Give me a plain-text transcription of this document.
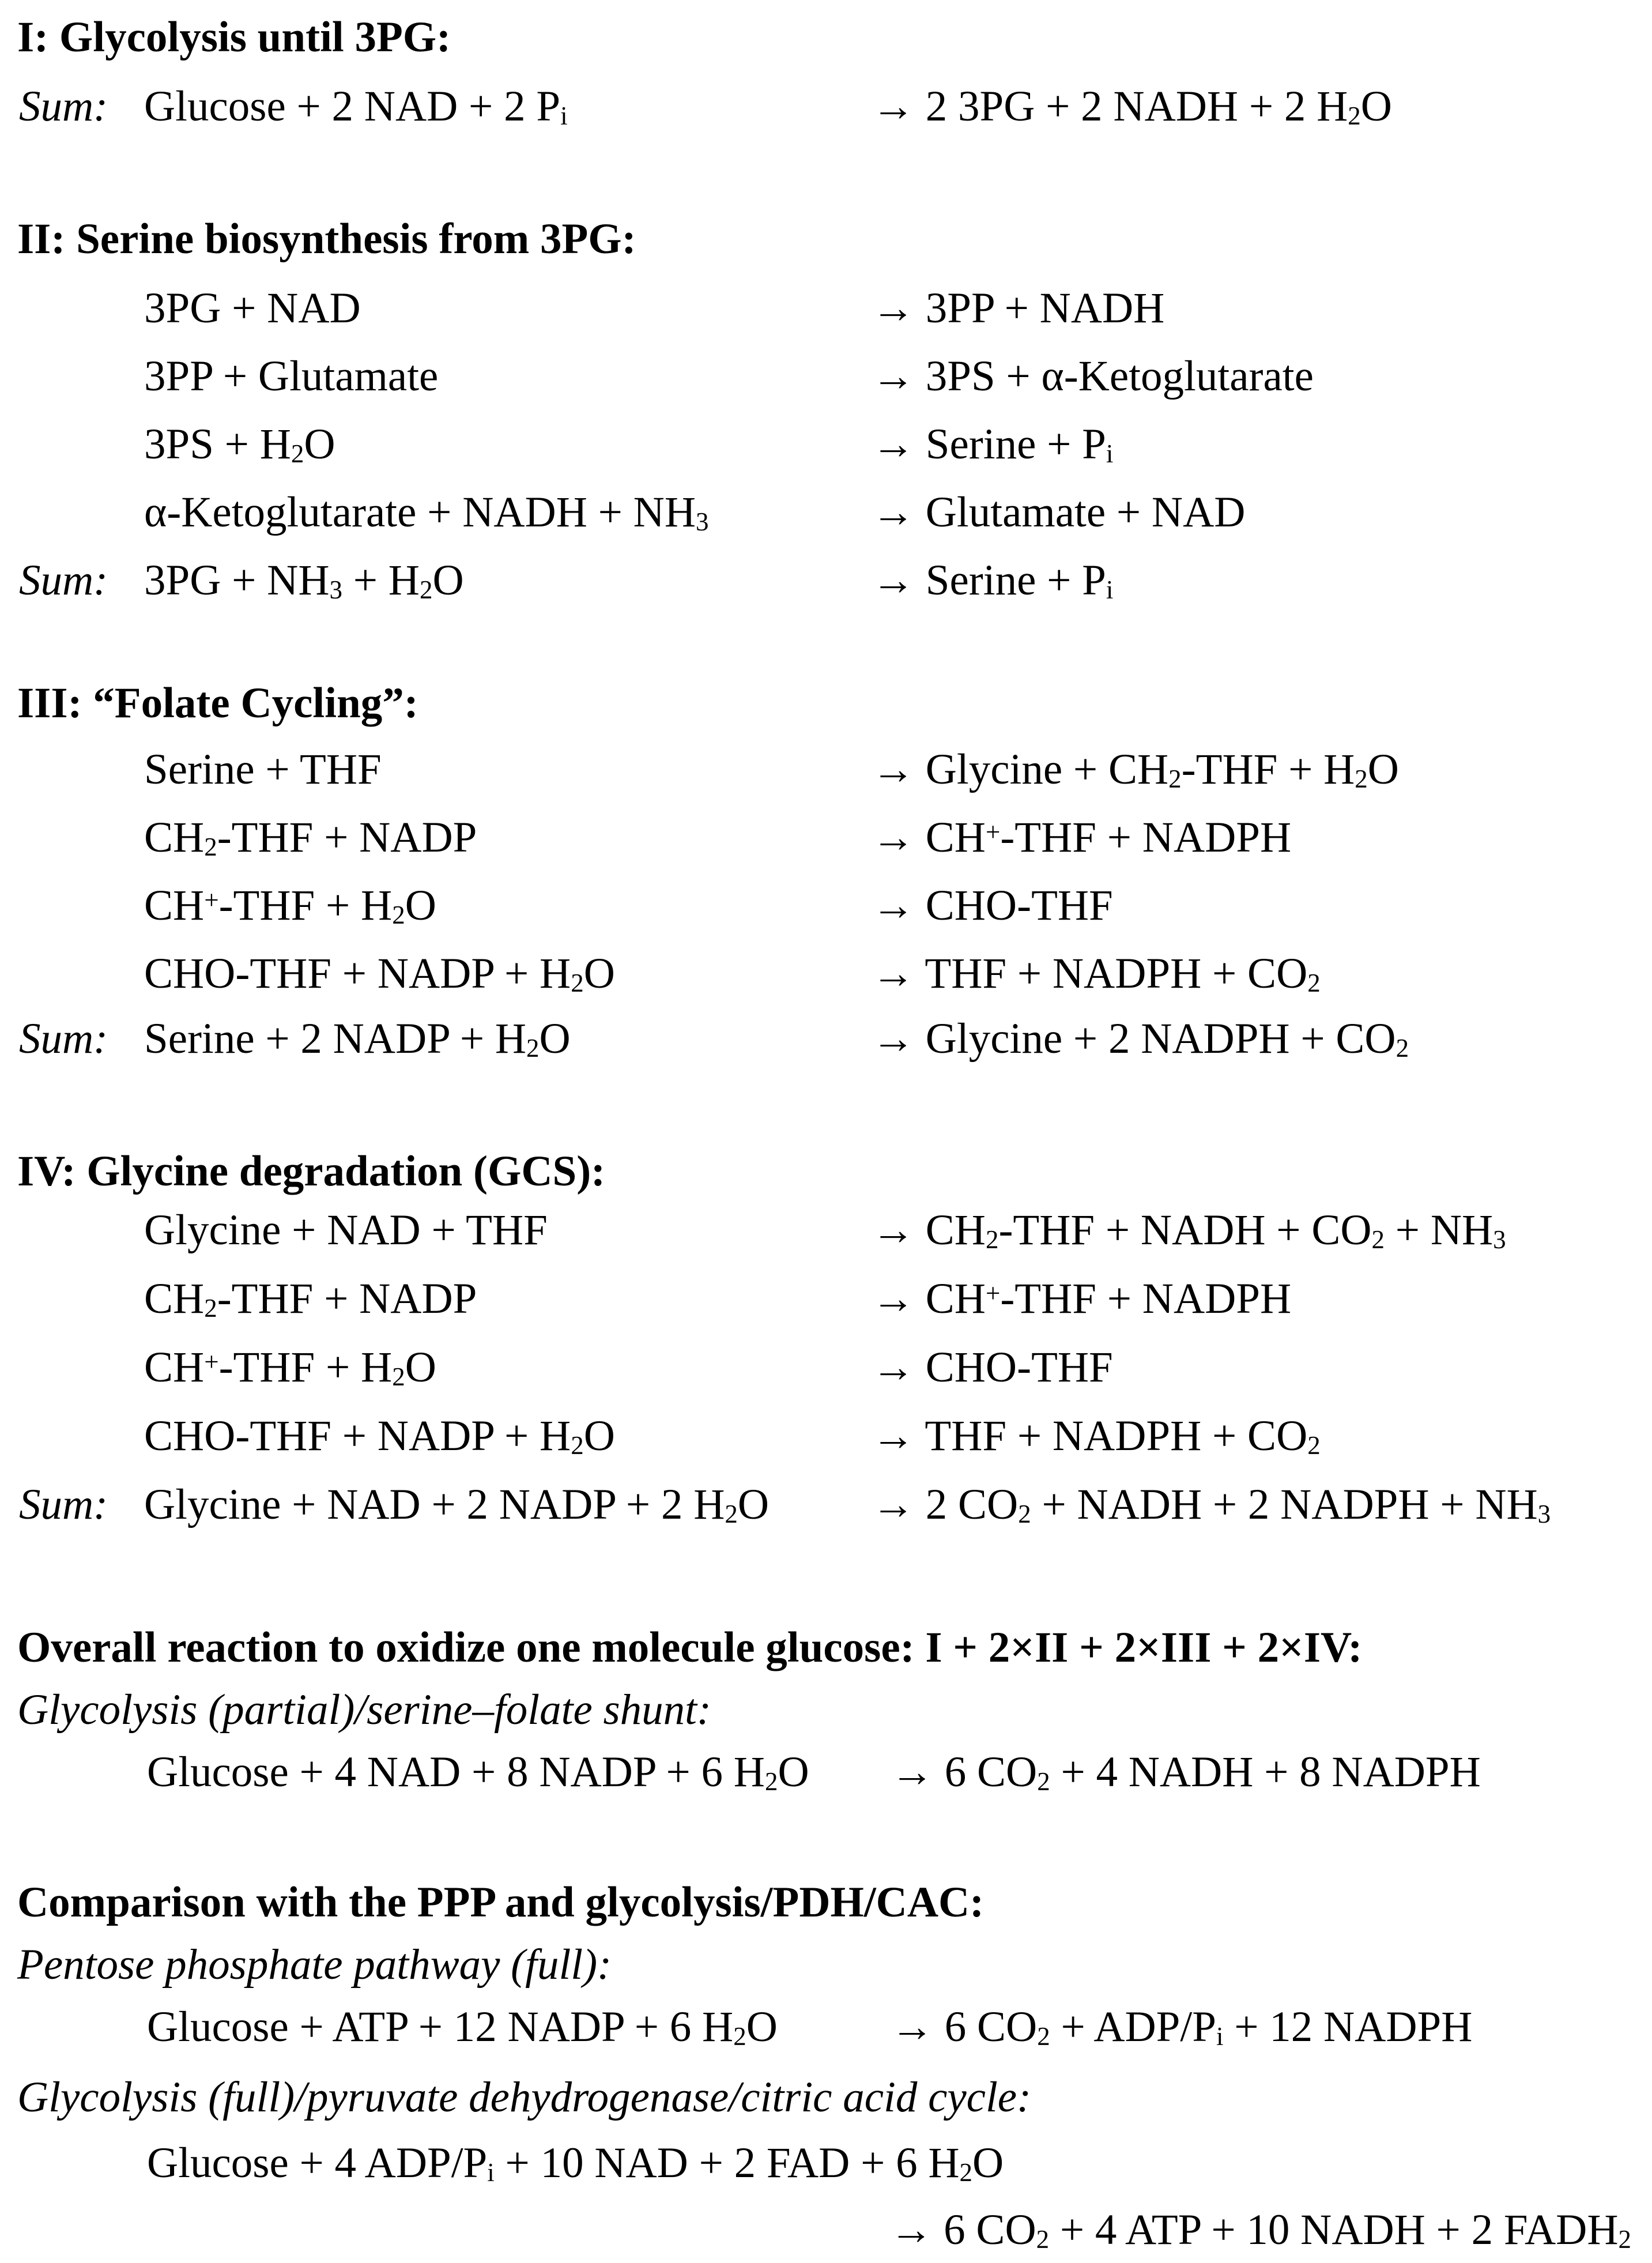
I: Glycolysis until 3PG:
Sum: Glucose + 2 NAD + 2 $P_i$	→ 2 3PG + 2 NADH + 2 $H_2O$
II: Serine biosynthesis from 3PG:
3PG + NAD	→ 3PP + NADH
3PP + Glutamate	→ 3PS + α-Ketoglutarate
$3PS + H_2O$	→ Serine + $P_i$
α-Ketoglutarate + NADH + $NH_3$	→ Glutamate + NAD
Sum: $3PG + NH_3 + H_2O$	→ Serine + $P_i$
III: “Folate Cycling”:
Serine + THF	→ Glycine + $CH_2$-THF + $H_2O$
$CH_2$-THF + NADP	→ CH+-THF + NADPH
$CH^+-THF + H_2O$	→ CHO-THF
CHO-THF + NADP + $H_2O$	→ THF + NADPH + $CO_2$
Sum: Serine + 2 NADP + $H_2O$	→ Glycine + 2 NADPH + $CO_2$
IV: Glycine degradation (GCS):
Glycine + NAD + THF	→ $CH_2$-THF + NADH + $CO_2 + NH_3$
$CH_2$-THF + NADP	→ CH+-THF + NADPH
$CH^+-THF + H_2O$	→ CHO-THF
CHO-THF + NADP + $H_2O$	→ THF + NADPH + $CO_2$
Sum: Glycine + NAD + 2 NADP + 2 $H_2O \to 2$ $CO_2$ + NADH + 2 NADPH + $NH_3$
Overall reaction to oxidize one molecule glucose: I + 2×II + 2×III + 2×IV:
Glycolysis (partial)/serine–folate shunt:
Glucose + 4 NAD + 8 NADP + 6 $H_2O \to 6$ $CO_2 + 4$ NADH + 8 NADPH
Comparison with the PPP and glycolysis/PDH/CAC:
Pentose phosphate pathway (full):
Glucose + ATP + 12 NADP + 6 $H_2O$	→ 6 $CO_2 + ADP/P_i + 12$ NADPH
Glycolysis (full)/pyruvate dehydrogenase/citric acid cycle:
Glucose + 4 ADP/$P_i + 10$ NAD + 2 FAD + 6 $H_2O$
→ 6 $CO_2 + 4$ ATP + 10 NADH + 2 $FADH_2$
